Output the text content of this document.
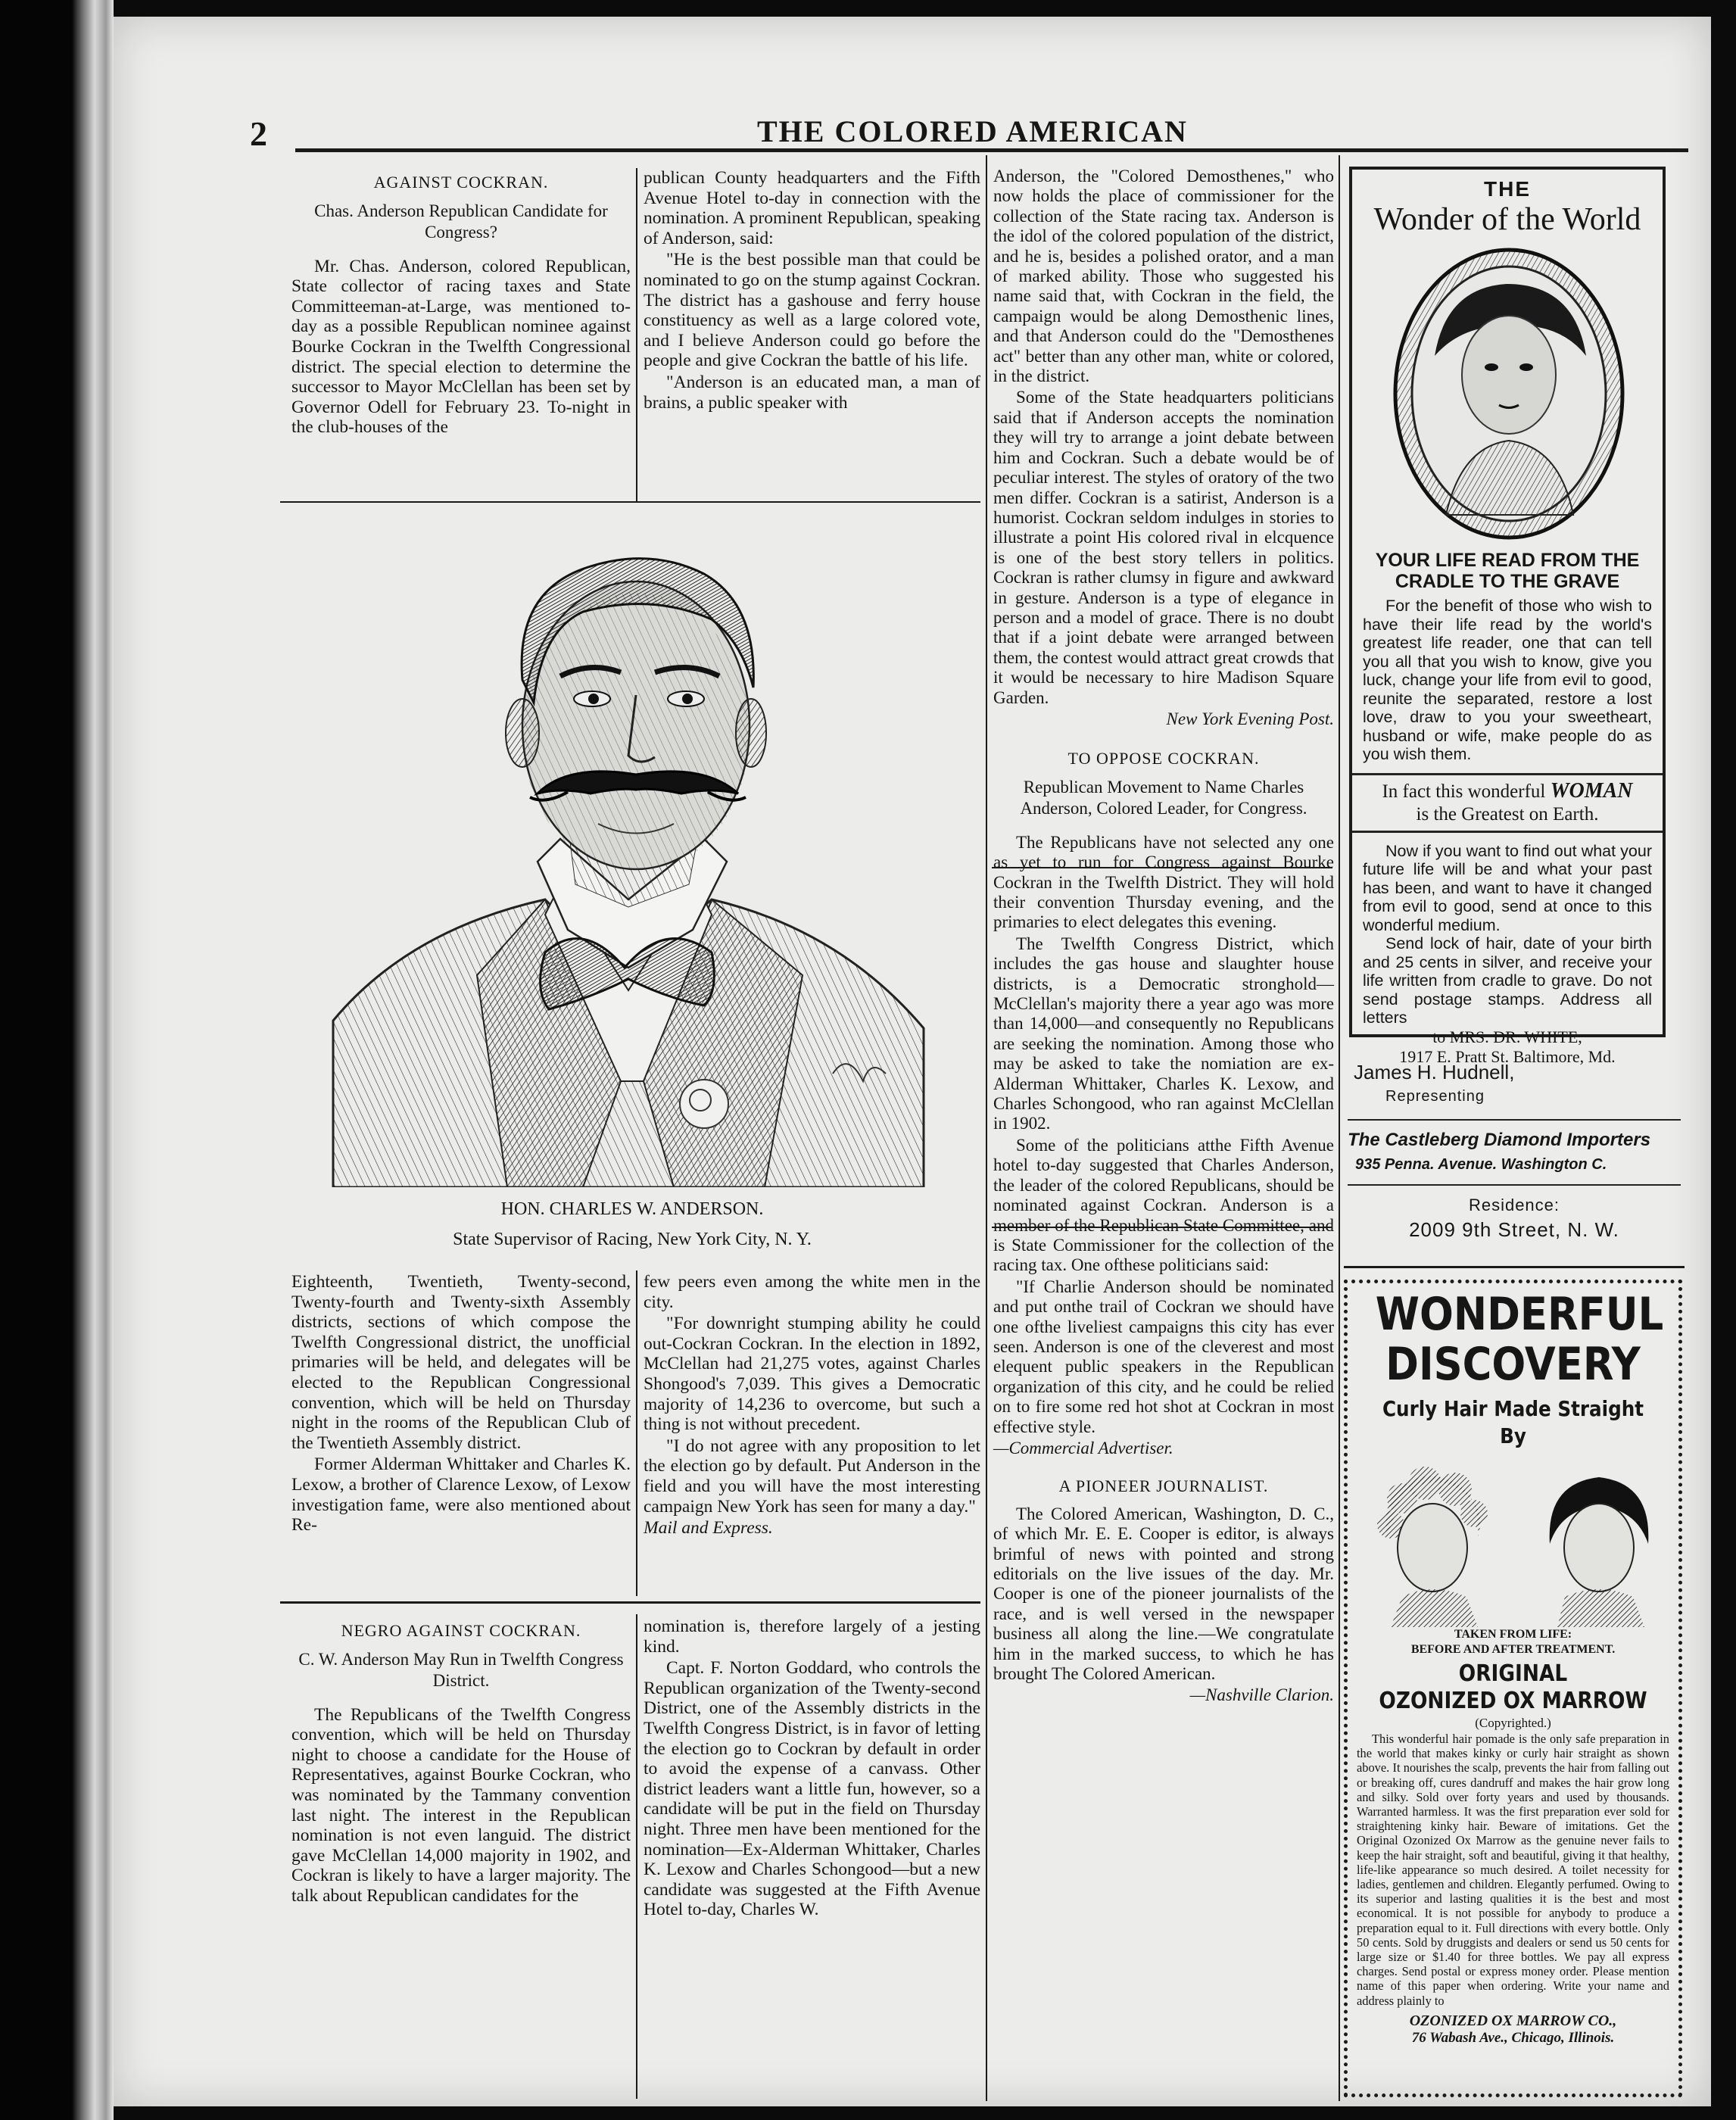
2	THE COLORED AMERICAN
AGAINST COCKRAN.
Chas. Anderson Republican Candidate for Congress?

Mr. Chas. Anderson, colored Republican, State collector of racing taxes and State Committeeman-at-Large, was mentioned to-day as a possible Republican nominee against Bourke Cockran in the Twelfth Congressional district. The special election to determine the successor to Mayor McClellan has been set by Governor Odell for February 23. To-night in the club-houses of the

publican County headquarters and the Fifth Avenue Hotel to-day in connection with the nomination. A prominent Republican, speaking of Anderson, said:

"He is the best possible man that could be nominated to go on the stump against Cockran. The district has a gashouse and ferry house constituency as well as a large colored vote, and I believe Anderson could go before the people and give Cockran the battle of his life.

"Anderson is an educated man, a man of brains, a public speaker with

HON. CHARLES W. ANDERSON.
State Supervisor of Racing, New York City, N. Y.

Eighteenth, Twentieth, Twenty-second, Twenty-fourth and Twenty-sixth Assembly districts, sections of which compose the Twelfth Congressional district, the unofficial primaries will be held, and delegates will be elected to the Republican Congressional convention, which will be held on Thursday night in the rooms of the Republican Club of the Twentieth Assembly district.

Former Alderman Whittaker and Charles K. Lexow, a brother of Clarence Lexow, of Lexow investigation fame, were also mentioned about Re-

few peers even among the white men in the city.

"For downright stumping ability he could out-Cockran Cockran. In the election in 1892, McClellan had 21,275 votes, against Charles Shongood's 7,039. This gives a Democratic majority of 14,236 to overcome, but such a thing is not without precedent.

"I do not agree with any proposition to let the election go by default. Put Anderson in the field and you will have the most interesting campaign New York has seen for many a day."

Mail and Express.

NEGRO AGAINST COCKRAN.
C. W. Anderson May Run in Twelfth Congress District.

The Republicans of the Twelfth Congress convention, which will be held on Thursday night to choose a candidate for the House of Representatives, against Bourke Cockran, who was nominated by the Tammany convention last night. The interest in the Republican nomination is not even languid. The district gave McClellan 14,000 majority in 1902, and Cockran is likely to have a larger majority. The talk about Republican candidates for the

nomination is, therefore largely of a jesting kind.

Capt. F. Norton Goddard, who controls the Republican organization of the Twenty-second District, one of the Assembly districts in the Twelfth Congress District, is in favor of letting the election go to Cockran by default in order to avoid the expense of a canvass. Other district leaders want a little fun, however, so a candidate will be put in the field on Thursday night. Three men have been mentioned for the nomination—Ex-Alderman Whittaker, Charles K. Lexow and Charles Schongood—but a new candidate was suggested at the Fifth Avenue Hotel to-day, Charles W.

Anderson, the "Colored Demosthenes," who now holds the place of commissioner for the collection of the State racing tax. Anderson is the idol of the colored population of the district, and he is, besides a polished orator, and a man of marked ability. Those who suggested his name said that, with Cockran in the field, the campaign would be along Demosthenic lines, and that Anderson could do the "Demosthenes act" better than any other man, white or colored, in the district.

Some of the State headquarters politicians said that if Anderson accepts the nomination they will try to arrange a joint debate between him and Cockran. Such a debate would be of peculiar interest. The styles of oratory of the two men differ. Cockran is a satirist, Anderson is a humorist. Cockran seldom indulges in stories to illustrate a point His colored rival in elcquence is one of the best story tellers in politics. Cockran is rather clumsy in figure and awkward in gesture. Anderson is a type of elegance in person and a model of grace. There is no doubt that if a joint debate were arranged between them, the contest would attract great crowds that it would be necessary to hire Madison Square Garden.

New York Evening Post.

TO OPPOSE COCKRAN.
Republican Movement to Name Charles Anderson, Colored Leader, for Congress.

The Republicans have not selected any one as yet to run for Congress against Bourke Cockran in the Twelfth District. They will hold their convention Thursday evening, and the primaries to elect delegates this evening.

The Twelfth Congress District, which includes the gas house and slaughter house districts, is a Democratic stronghold—McClellan's majority there a year ago was more than 14,000—and consequently no Republicans are seeking the nomination. Among those who may be asked to take the nomiation are ex-Alderman Whittaker, Charles K. Lexow, and Charles Schongood, who ran against McClellan in 1902.

Some of the politicians atthe Fifth Avenue hotel to-day suggested that Charles Anderson, the leader of the colored Republicans, should be nominated against Cockran. Anderson is a member of the Republican State Committee, and is State Commissioner for the collection of the racing tax. One ofthese politicians said:

"If Charlie Anderson should be nominated and put onthe trail of Cockran we should have one ofthe liveliest campaigns this city has ever seen. Anderson is one of the cleverest and most elequent public speakers in the Republican organization of this city, and he could be relied on to fire some red hot shot at Cockran in most effective style.

—Commercial Advertiser.

A PIONEER JOURNALIST.

The Colored American, Washington, D. C., of which Mr. E. E. Cooper is editor, is always brimful of news with pointed and strong editorials on the live issues of the day. Mr. Cooper is one of the pioneer journalists of the race, and is well versed in the newspaper business all along the line.—We congratulate him in the marked success, to which he has brought The Colored American.

—Nashville Clarion.

THE
Wonder of the World
YOUR LIFE READ FROM THE
CRADLE TO THE GRAVE
For the benefit of those who wish to have their life read by the world's greatest life reader, one that can tell you all that you wish to know, give you luck, change your life from evil to good, reunite the separated, restore a lost love, draw to you your sweetheart, husband or wife, make people do as you wish them.
In fact this wonderful WOMAN
is the Greatest on Earth.
Now if you want to find out what your future life will be and what your past has been, and want to have it changed from evil to good, send at once to this wonderful medium.
Send lock of hair, date of your birth and 25 cents in silver, and receive your life written from cradle to grave. Do not send postage stamps. Address all letters
to MRS. DR. WHITE,
1917 E. Pratt St. Baltimore, Md.
James H. Hudnell,
Representing
The Castleberg Diamond Importers
935 Penna. Avenue. Washington C.
Residence:
2009 9th Street, N. W.
WONDERFUL
DISCOVERY
Curly Hair Made Straight By
TAKEN FROM LIFE:
BEFORE AND AFTER TREATMENT.
ORIGINAL
OZONIZED OX MARROW
(Copyrighted.)
This wonderful hair pomade is the only safe preparation in the world that makes kinky or curly hair straight as shown above. It nourishes the scalp, prevents the hair from falling out or breaking off, cures dandruff and makes the hair grow long and silky. Sold over forty years and used by thousands. Warranted harmless. It was the first preparation ever sold for straightening kinky hair. Beware of imitations. Get the Original Ozonized Ox Marrow as the genuine never fails to keep the hair straight, soft and beautiful, giving it that healthy, life-like appearance so much desired. A toilet necessity for ladies, gentlemen and children. Elegantly perfumed. Owing to its superior and lasting qualities it is the best and most economical. It is not possible for anybody to produce a preparation equal to it. Full directions with every bottle. Only 50 cents. Sold by druggists and dealers or send us 50 cents for large size or $1.40 for three bottles. We pay all express charges. Send postal or express money order. Please mention name of this paper when ordering. Write your name and address plainly to
OZONIZED OX MARROW CO.,
76 Wabash Ave., Chicago, Illinois.
